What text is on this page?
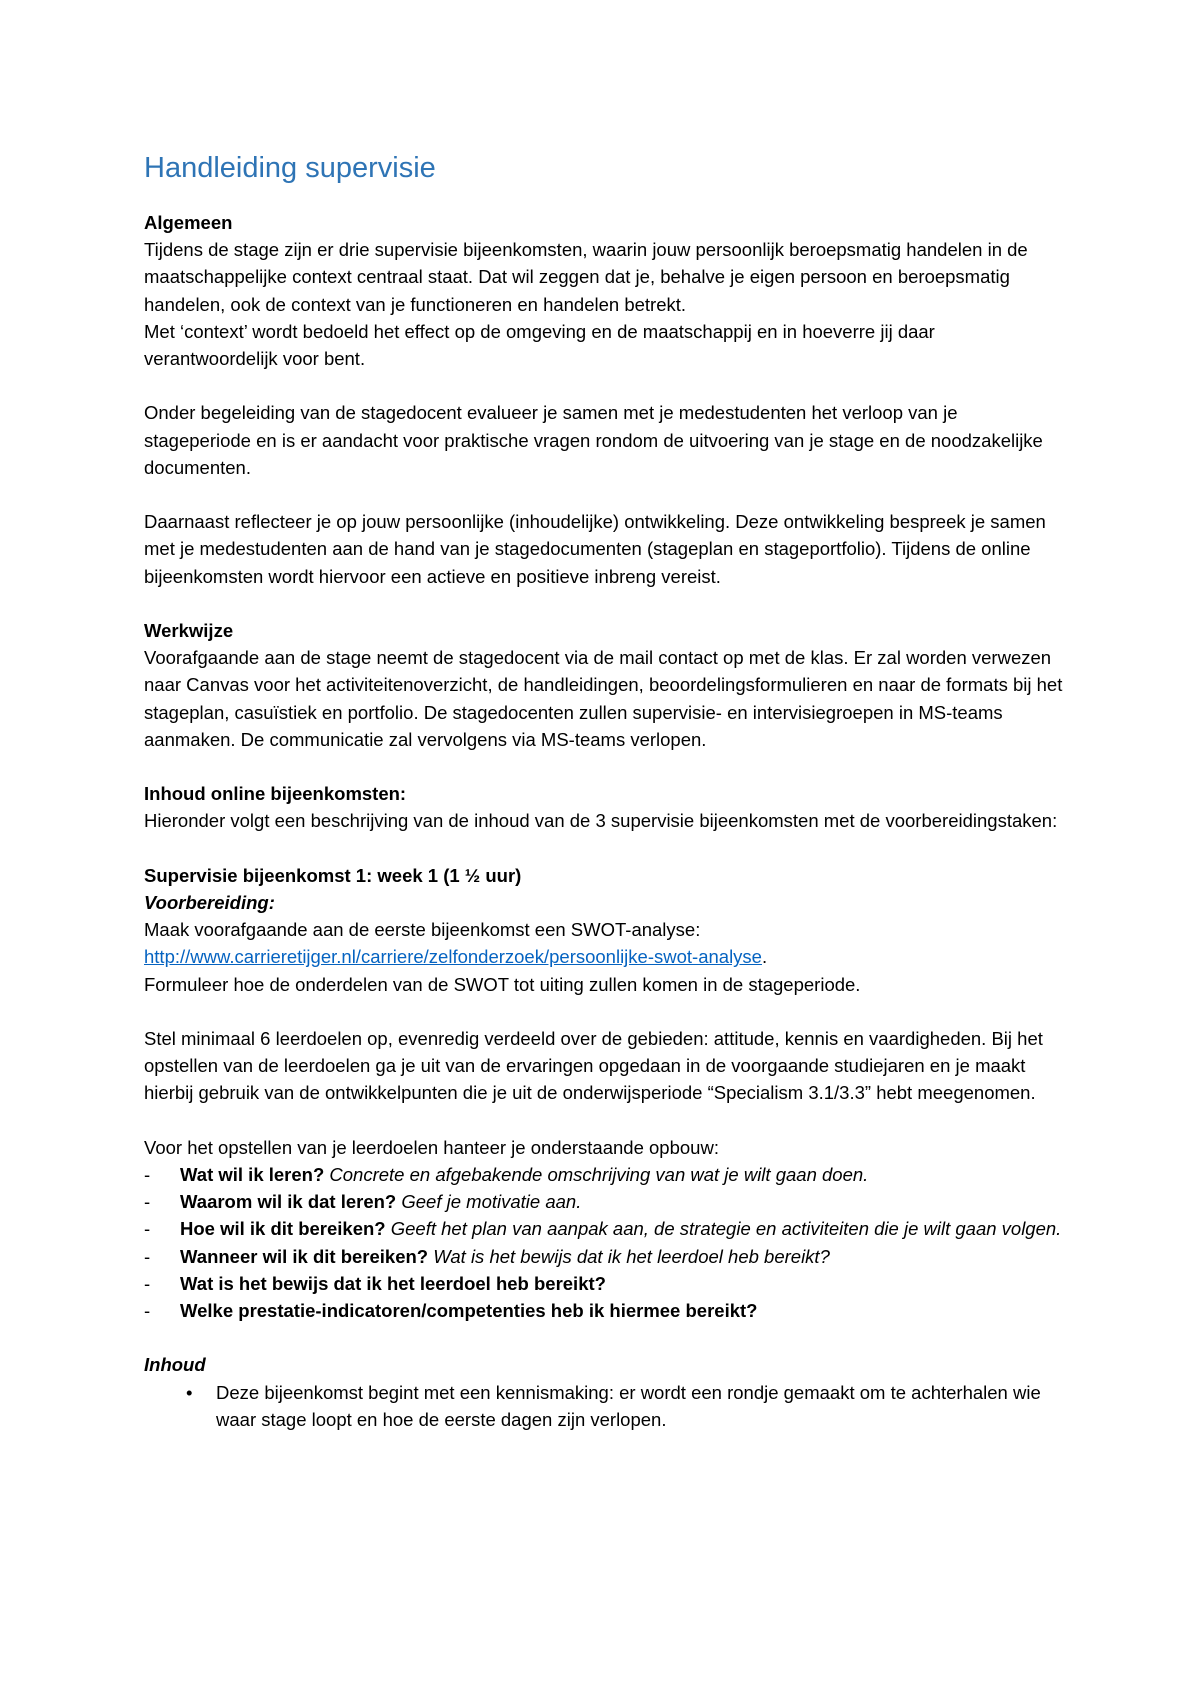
Handleiding supervisie

Algemeen

Tijdens de stage zijn er drie supervisie bijeenkomsten, waarin jouw persoonlijk beroepsmatig handelen in de maatschappelijke context centraal staat. Dat wil zeggen dat je, behalve je eigen persoon en beroepsmatig handelen, ook de context van je functioneren en handelen betrekt.

Met ‘context’ wordt bedoeld het effect op de omgeving en de maatschappij en in hoeverre jij daar verantwoordelijk voor bent.

Onder begeleiding van de stagedocent evalueer je samen met je medestudenten het verloop van je stageperiode en is er aandacht voor praktische vragen rondom de uitvoering van je stage en de noodzakelijke documenten.

Daarnaast reflecteer je op jouw persoonlijke (inhoudelijke) ontwikkeling. Deze ontwikkeling bespreek je samen met je medestudenten aan de hand van je stagedocumenten (stageplan en stageportfolio). Tijdens de online bijeenkomsten wordt hiervoor een actieve en positieve inbreng vereist.

Werkwijze

Voorafgaande aan de stage neemt de stagedocent via de mail contact op met de klas. Er zal worden verwezen naar Canvas voor het activiteitenoverzicht, de handleidingen, beoordelingsformulieren en naar de formats bij het stageplan, casuïstiek en portfolio. De stagedocenten zullen supervisie- en intervisiegroepen in MS-teams aanmaken. De communicatie zal vervolgens via MS-teams verlopen.

Inhoud online bijeenkomsten:

Hieronder volgt een beschrijving van de inhoud van de 3 supervisie bijeenkomsten met de voorbereidingstaken:

Supervisie bijeenkomst 1: week 1 (1 ½ uur)

Voorbereiding:

Maak voorafgaande aan de eerste bijeenkomst een SWOT-analyse:

http://www.carrieretijger.nl/carriere/zelfonderzoek/persoonlijke-swot-analyse.

Formuleer hoe de onderdelen van de SWOT tot uiting zullen komen in de stageperiode.

Stel minimaal 6 leerdoelen op, evenredig verdeeld over de gebieden: attitude, kennis en vaardigheden. Bij het opstellen van de leerdoelen ga je uit van de ervaringen opgedaan in de voorgaande studiejaren en je maakt hierbij gebruik van de ontwikkelpunten die je uit de onderwijsperiode “Specialism 3.1/3.3” hebt meegenomen.

Voor het opstellen van je leerdoelen hanteer je onderstaande opbouw:

- Wat wil ik leren? Concrete en afgebakende omschrijving van wat je wilt gaan doen.
- Waarom wil ik dat leren? Geef je motivatie aan.
- Hoe wil ik dit bereiken? Geeft het plan van aanpak aan, de strategie en activiteiten die je wilt gaan volgen.
- Wanneer wil ik dit bereiken? Wat is het bewijs dat ik het leerdoel heb bereikt?
- Wat is het bewijs dat ik het leerdoel heb bereikt?
- Welke prestatie-indicatoren/competenties heb ik hiermee bereikt?

Inhoud

• Deze bijeenkomst begint met een kennismaking: er wordt een rondje gemaakt om te achterhalen wie waar stage loopt en hoe de eerste dagen zijn verlopen.
